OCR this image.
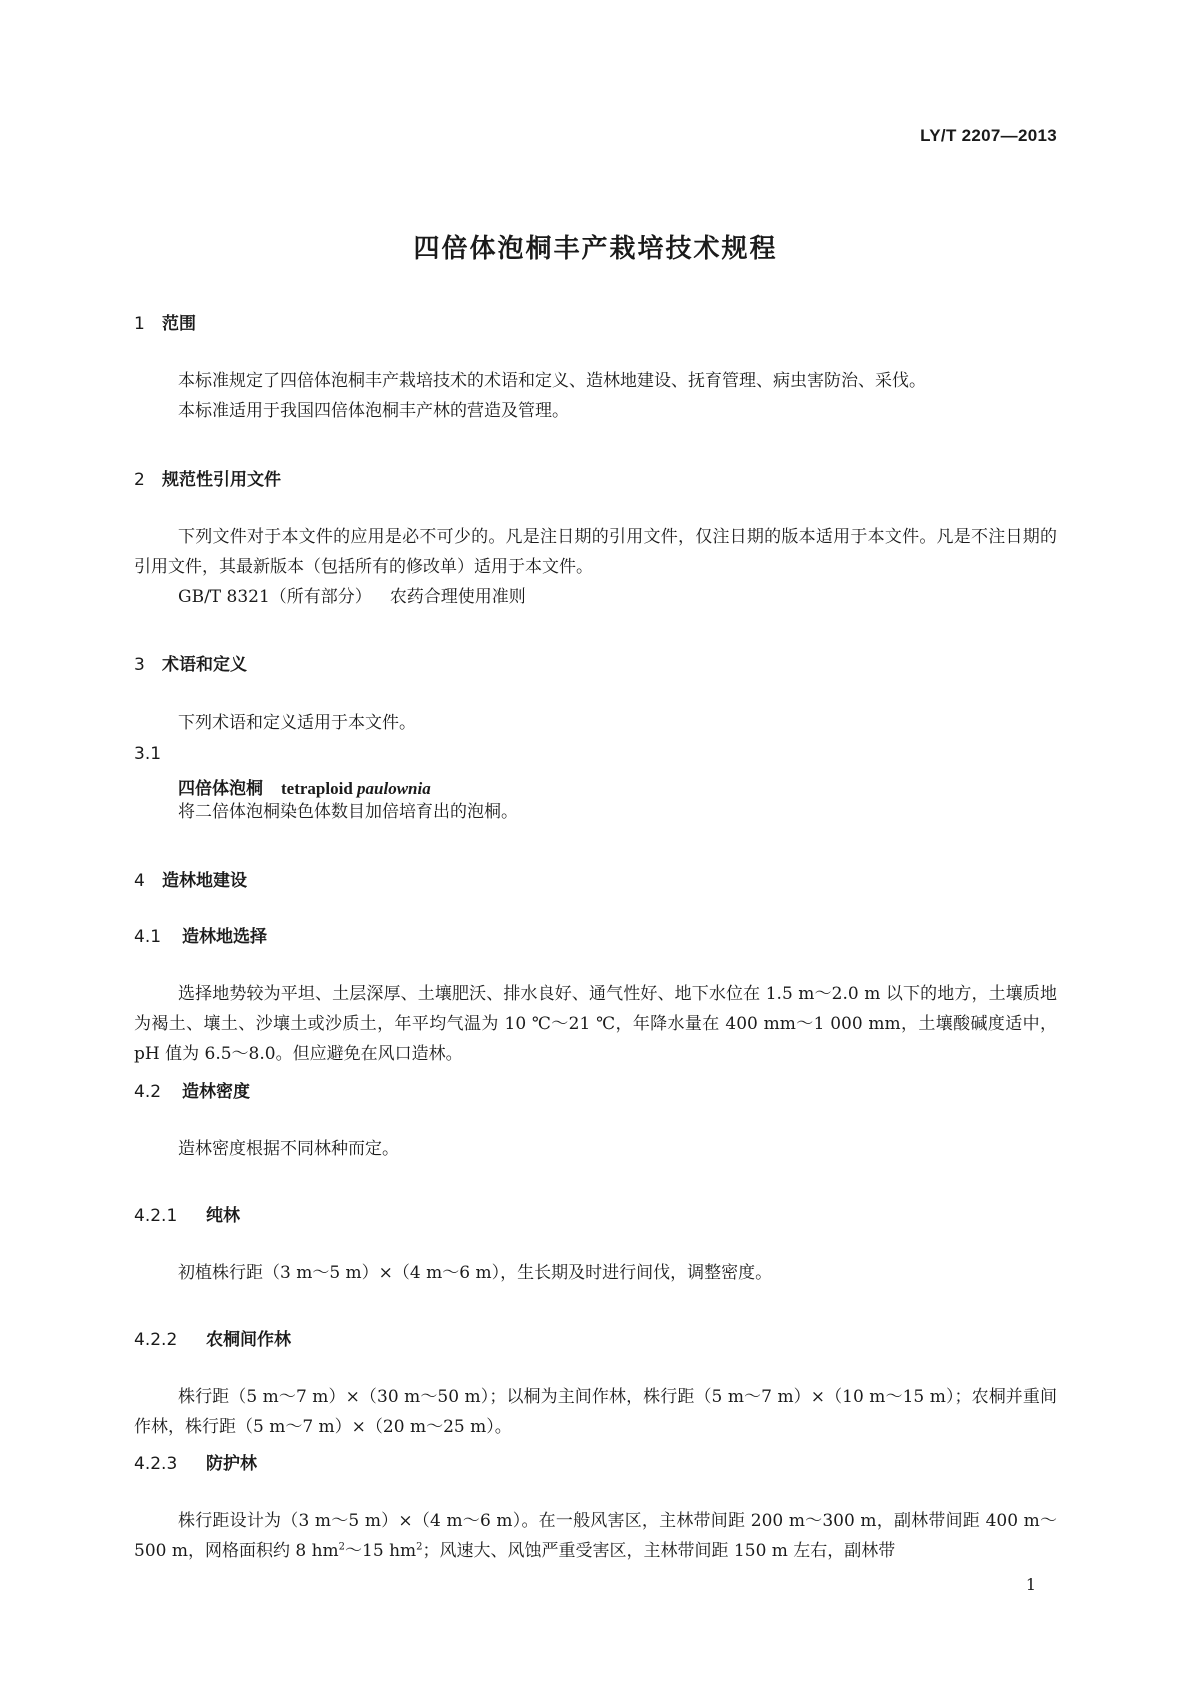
LY/T 2207—2013
四倍体泡桐丰产栽培技术规程
1 范围

本标准规定了四倍体泡桐丰产栽培技术的术语和定义、造林地建设、抚育管理、病虫害防治、采伐。

本标准适用于我国四倍体泡桐丰产林的营造及管理。

2 规范性引用文件

下列文件对于本文件的应用是必不可少的。凡是注日期的引用文件，仅注日期的版本适用于本文件。凡是不注日期的引用文件，其最新版本（包括所有的修改单）适用于本文件。

GB/T 8321（所有部分） 农药合理使用准则

3 术语和定义

下列术语和定义适用于本文件。

3.1
四倍体泡桐 tetraploid paulownia

将二倍体泡桐染色体数目加倍培育出的泡桐。

4 造林地建设
4.1 造林地选择

选择地势较为平坦、土层深厚、土壤肥沃、排水良好、通气性好、地下水位在 1.5 m～2.0 m 以下的地方，土壤质地为褐土、壤土、沙壤土或沙质土，年平均气温为 10 ℃～21 ℃，年降水量在 400 mm～1 000 mm，土壤酸碱度适中，pH 值为 6.5～8.0。但应避免在风口造林。

4.2 造林密度

造林密度根据不同林种而定。

4.2.1 纯林

初植株行距（3 m～5 m）×（4 m～6 m），生长期及时进行间伐，调整密度。

4.2.2 农桐间作林

株行距（5 m～7 m）×（30 m～50 m）；以桐为主间作林，株行距（5 m～7 m）×（10 m～15 m）；农桐并重间作林，株行距（5 m～7 m）×（20 m～25 m）。

4.2.3 防护林

株行距设计为（3 m～5 m）×（4 m～6 m）。在一般风害区，主林带间距 200 m～300 m，副林带间距 400 m～500 m，网格面积约 8 $hm^2\sim 15$ $hm^2$；风速大、风蚀严重受害区，主林带间距 150 m 左右，副林带

1
